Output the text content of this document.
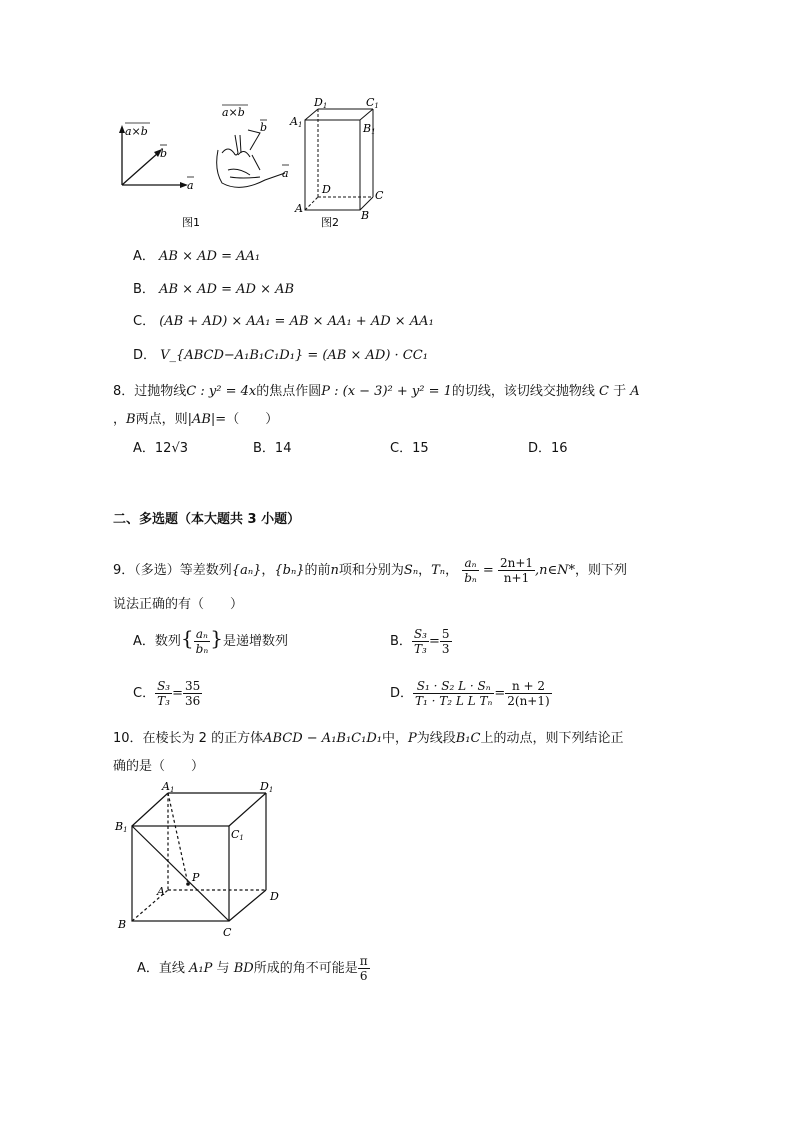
a×b
b
a
a×b
b
a
图1
D1	C1
A1	B1
D	C
A
B
图2
A． AB × AD = AA₁
B． AB × AD = AD × AB
C． (AB + AD) × AA₁ = AB × AA₁ + AD × AA₁
D． V_{ABCD−A₁B₁C₁D₁} = (AB × AD) · CC₁
8．过抛物线C : y² = 4x的焦点作圆P : (x − 3)² + y² = 1的切线，该切线交抛物线 C 于 A
，B两点，则|AB|=（　　）
A．12√3	B．14	C．15	D．16
二、多选题（本大题共 3 小题）
9．（多选）等差数列{aₙ}，{bₙ}的前n项和分别为Sₙ，Tₙ， $\frac{\text{aₙ}}{\text{bₙ}} = \frac{2n+1}{n+1}$ ,n∈N*，则下列
说法正确的有（　　）
A．数列{ $\frac{\text{aₙ}}{\text{bₙ}}$ }是递增数列	B． $\frac{\text{S₃}}{\text{T₃}} = \frac{5}{3}$
C． $\frac{\text{S₃}}{\text{T₃}} = \frac{35}{36}$	D． $\frac{\text{S₁ · S₂ L · Sₙ}}{\text{T₁ · T₂ L L Tₙ}} = \frac{n + 2}{2(n+1)}$
10．在棱长为 2 的正方体ABCD − A₁B₁C₁D₁中，P为线段B₁C上的动点，则下列结论正
确的是（　　）
A1	D1
B1	C1
P
A	D
B
C
A．直线 A₁P 与 BD所成的角不可能是 $\frac{\pi}{6}$
